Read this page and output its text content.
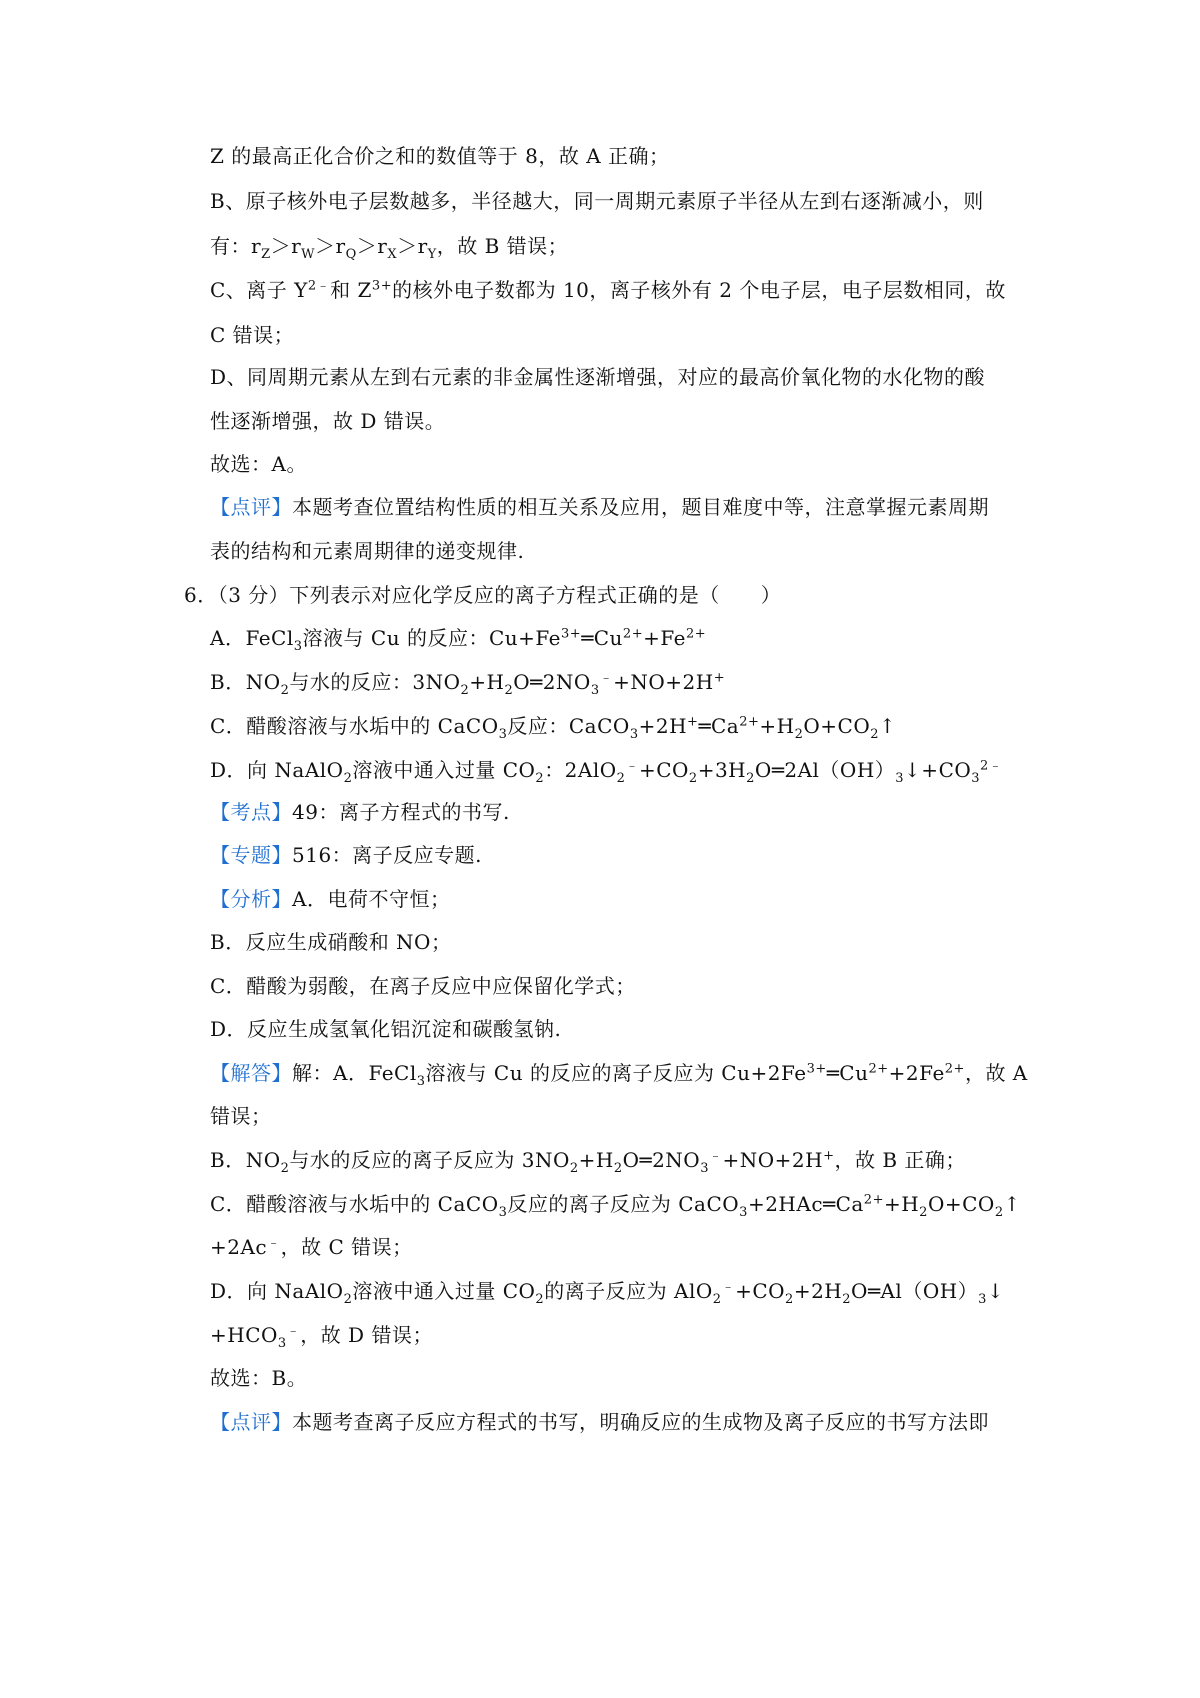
Z 的最高正化合价之和的数值等于 8，故 A 正确；
B、原子核外电子层数越多，半径越大，同一周期元素原子半径从左到右逐渐减小，则
有：$r_Z>r_W>r_Q>r_X>r_Y$，故 B 错误；
C、离子 $Y^{2﹣}$和 $Z^{3+}$的核外电子数都为 10，离子核外有 2 个电子层，电子层数相同，故
C 错误；
D、同周期元素从左到右元素的非金属性逐渐增强，对应的最高价氧化物的水化物的酸
性逐渐增强，故 D 错误。
故选：A。
【点评】本题考查位置结构性质的相互关系及应用，题目难度中等，注意掌握元素周期
表的结构和元素周期律的递变规律.
6．（3 分）下列表示对应化学反应的离子方程式正确的是（　　）
A．FeCl$_3$溶液与 Cu 的反应：$Cu+Fe^{3+}═Cu^{2+}+Fe^{2+}$
B．$NO_2$与水的反应：$3NO_2+H_2O═2NO_3^﹣+NO+2H^+$
C．醋酸溶液与水垢中的 CaCO$_3$反应：$CaCO_3+2H^+═Ca^{2+}+H_2O+CO_2↑$
D．向 NaAlO$_2$溶液中通入过量 $CO_2$：$2AlO_2^﹣+CO_2+3H_2O═2Al(OH)_3↓+CO_3^{2﹣}$
【考点】49：离子方程式的书写.
【专题】516：离子反应专题.
【分析】A．电荷不守恒；
B．反应生成硝酸和 NO；
C．醋酸为弱酸，在离子反应中应保留化学式；
D．反应生成氢氧化铝沉淀和碳酸氢钠.
【解答】解：A．FeCl$_3$溶液与 Cu 的反应的离子反应为 $Cu+2Fe^{3+}═Cu^{2+}+2Fe^{2+}$，故 A
错误；
B．$NO_2$与水的反应的离子反应为 $3NO_2+H_2O═2NO_3^﹣+NO+2H^+$，故 B 正确；
C．醋酸溶液与水垢中的 CaCO$_3$反应的离子反应为 $CaCO_3+2HAc═Ca^{2+}+H_2O+CO_2↑$
+2Ac﹣，故 C 错误；
D．向 NaAlO$_2$溶液中通入过量 $CO_2$的离子反应为 $AlO_2^﹣+CO_2+2H_2O═Al(OH)_3↓$
$+HCO_3^﹣$，故 D 错误；
故选：B。
【点评】本题考查离子反应方程式的书写，明确反应的生成物及离子反应的书写方法即
